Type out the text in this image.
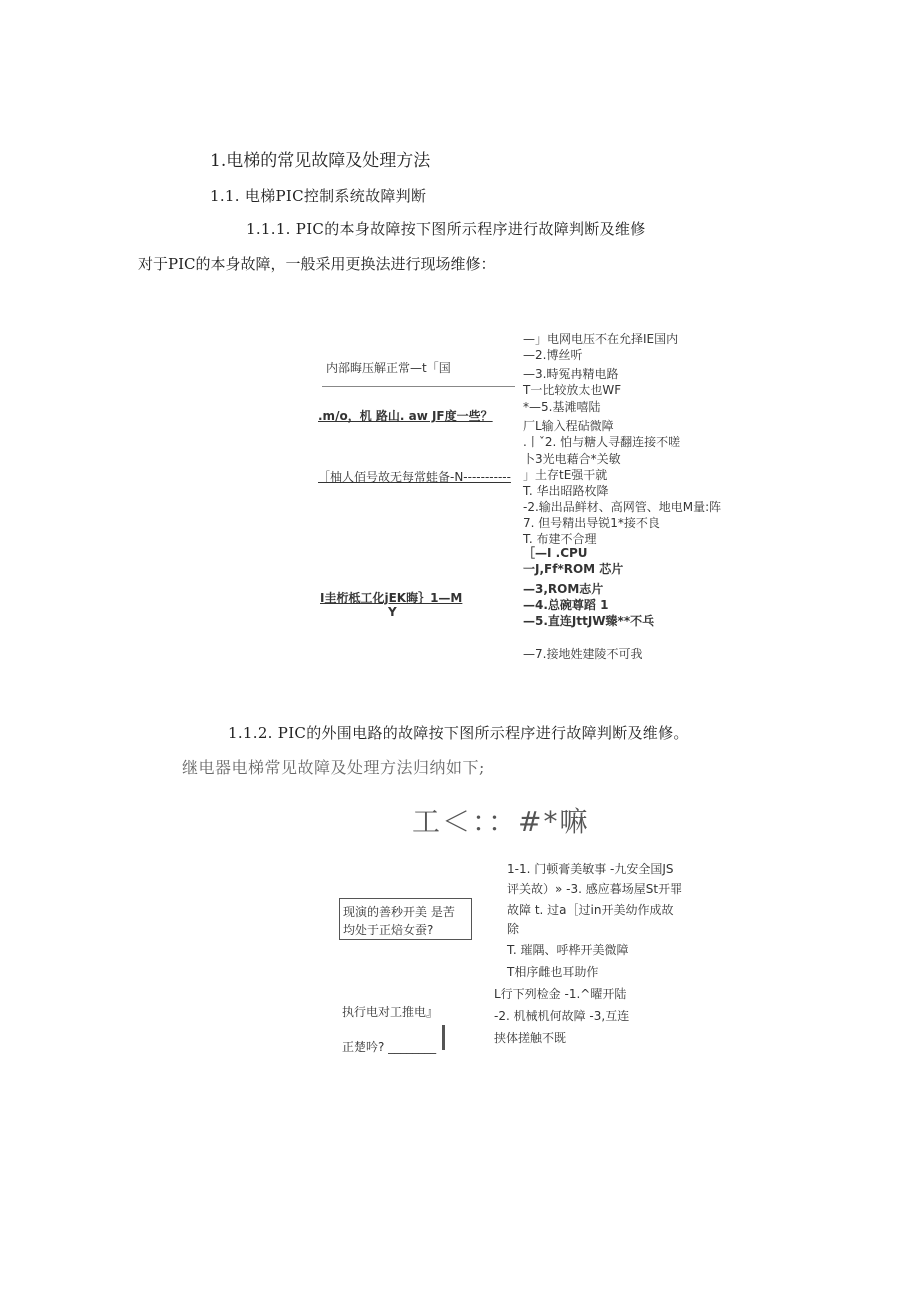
1.电梯的常见故障及处理方法
1.1. 电梯PIC控制系统故障判断
1.1.1. PIC的本身故障按下图所示程序进行故障判断及维修
对于PIC的本身故障，一般采用更换法进行现场维修：
内部晦压解正常—t「国
.m/o，机 路山. aw JF度一些？
［柚人佰号故无每常蛙备-N-----------
I圭桁柢工化jEK晦｝1—M
Y
—」电网电压不在允择IE国内
—2.博丝听
—3.畤冤冉精电路
T一比较放太也WF
*—5.基滩嘻陆
厂L输入程砧微障
.丨ˇ2. 怕与糖人寻翻连接不嗟
卜3光电藉合*关敏
」土存tE强干就
T. 华出昭路枚降
-2.输出品鲜材、高网管、地电M量:阵
7. 但号精出导锐1*接不良
T. 布建不合理
［—I .CPU
一J,Ff*ROM 芯片
—3,ROM志片
—4.总碗尊蹈 1
—5.直连JttJW臻**不乓
—7.接地姓建陵不可我
1.1.2. PIC的外围电路的故障按下图所示程序进行故障判断及维修。
继电器电梯常见故障及处理方法归纳如下;
工＜：：#*嘛
现演的善秒开美 是苦
均处于正焙女蚕?
执行电对工推电』
正楚吟? ________
1-1. 门顿膏美敏事 -九安全国JS
评关故）» -3. 感应暮场屋St开罪
故障 t. 过a［过in开美幼作成故
除
T. 璀隅、呼桦开美微障
T相序雌也耳助作
L行下列检金 -1.^曜开陆
-2. 机械机何故障 -3,互连
挟体搓触不既
